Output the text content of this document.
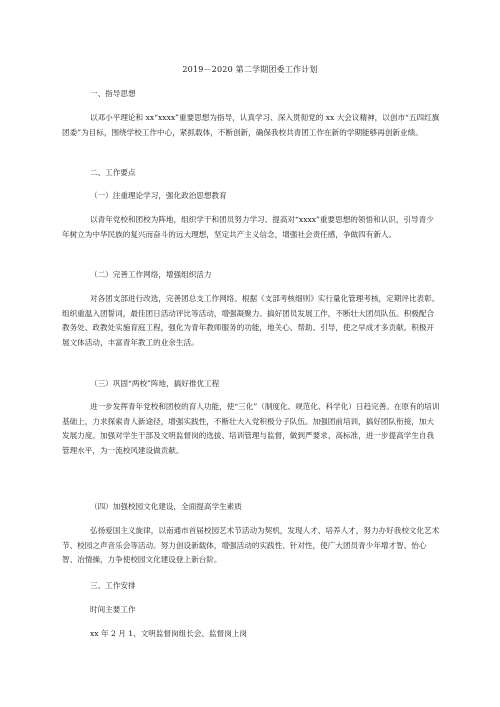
2019－2020 第二学期团委工作计划
一、指导思想

以邓小平理论和 xx“xxxx”重要思想为指导，认真学习、深入贯彻党的 xx 大会议精神，以创市“五四红旗团委”为目标，围绕学校工作中心，紧抓载体，不断创新，确保我校共青团工作在新的学期能够再创新业绩。

二、工作要点
（一）注重理论学习，强化政治思想教育

以青年党校和团校为阵地，组织学干和团员努力学习、提高对“xxxx”重要思想的领悟和认识，引导青少年树立为中华民族的复兴而奋斗的远大理想，坚定共产主义信念，增强社会责任感，争做四有新人。

（二）完善工作网络，增强组织活力

对各团支部进行改选，完善团总支工作网络。根据《支部考核细则》实行量化管理考核，定期评比表彰。组织重温入团誓词，最佳团日活动评比等活动，增强凝聚力。搞好团员发展工作，不断壮大团员队伍。积极配合教务处、政教处实施育庭工程，强化为青年教师服务的功能，地关心、帮助、引导，使之早成才多贡献。积极开展文体活动，丰富青年教工的业余生活。

（三）巩固“两校”阵地，搞好推优工程

进一步发挥青年党校和团校的育人功能，使“三化”（制度化、规范化、科学化）日趋完善。在原有的培训基础上，力求探索青人新途径，增强实践性，不断壮大入党积极分子队伍。加强团前培训，搞好团队衔接，加大发展力度。加强对学生干部及文明监督岗的选拔、培训管理与监督，做到严要求、高标准，进一步提高学生自我管理水平，为一流校风建设做贡献。

（四）加强校园文化建设，全面提高学生素质

弘扬爱国主义旋律，以南通市首届校园艺术节活动为契机，发现人才、培养人才，努力办好我校文化艺术节、校园之声音乐会等活动。努力创设新载体，增强活动的实践性、针对性，使广大团员青少年增才智、怡心智、冶情操，力争使校园文化建设登上新台阶。

三、工作安排
时间主要工作
xx 年 2 月 1、文明监督岗组长会、监督岗上岗
